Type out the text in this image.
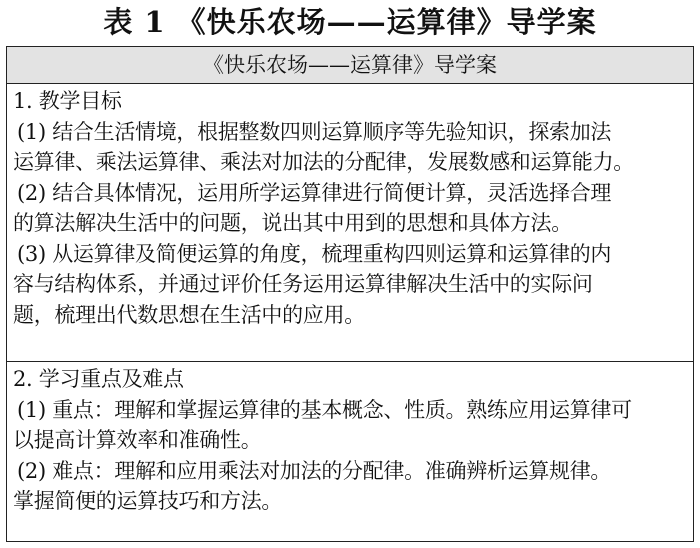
表 1 《快乐农场——运算律》导学案
《快乐农场——运算律》导学案
1. 教学目标
(1) 结合生活情境，根据整数四则运算顺序等先验知识，探索加法
运算律、乘法运算律、乘法对加法的分配律，发展数感和运算能力。
(2) 结合具体情况，运用所学运算律进行简便计算，灵活选择合理
的算法解决生活中的问题，说出其中用到的思想和具体方法。
(3) 从运算律及简便运算的角度，梳理重构四则运算和运算律的内
容与结构体系，并通过评价任务运用运算律解决生活中的实际问
题，梳理出代数思想在生活中的应用。
2. 学习重点及难点
(1) 重点：理解和掌握运算律的基本概念、性质。熟练应用运算律可
以提高计算效率和准确性。
(2) 难点：理解和应用乘法对加法的分配律。准确辨析运算规律。
掌握简便的运算技巧和方法。
